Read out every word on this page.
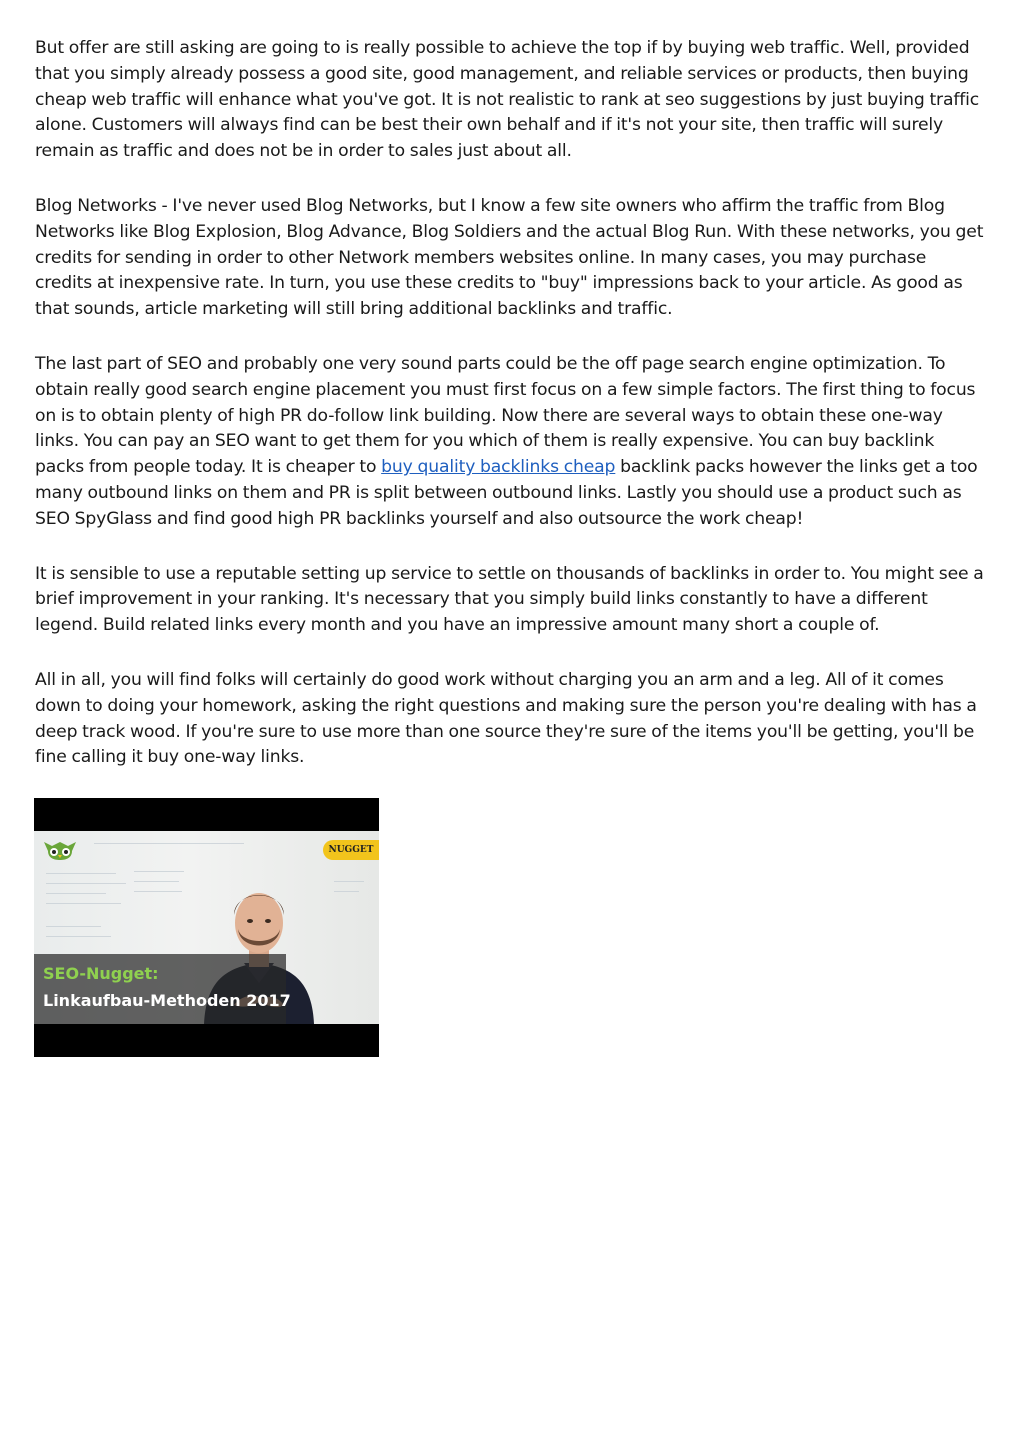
But offer are still asking are going to is really possible to achieve the top if by buying web traffic. Well, provided that you simply already possess a good site, good management, and reliable services or products, then buying cheap web traffic will enhance what you've got. It is not realistic to rank at seo suggestions by just buying traffic alone. Customers will always find can be best their own behalf and if it's not your site, then traffic will surely remain as traffic and does not be in order to sales just about all.

Blog Networks - I've never used Blog Networks, but I know a few site owners who affirm the traffic from Blog Networks like Blog Explosion, Blog Advance, Blog Soldiers and the actual Blog Run. With these networks, you get credits for sending in order to other Network members websites online. In many cases, you may purchase credits at inexpensive rate. In turn, you use these credits to "buy" impressions back to your article. As good as that sounds, article marketing will still bring additional backlinks and traffic.

The last part of SEO and probably one very sound parts could be the off page search engine optimization. To obtain really good search engine placement you must first focus on a few simple factors. The first thing to focus on is to obtain plenty of high PR do-follow link building. Now there are several ways to obtain these one-way links. You can pay an SEO want to get them for you which of them is really expensive. You can buy backlink packs from people today. It is cheaper to buy quality backlinks cheap backlink packs however the links get a too many outbound links on them and PR is split between outbound links. Lastly you should use a product such as SEO SpyGlass and find good high PR backlinks yourself and also outsource the work cheap!

It is sensible to use a reputable setting up service to settle on thousands of backlinks in order to. You might see a brief improvement in your ranking. It's necessary that you simply build links constantly to have a different legend. Build related links every month and you have an impressive amount many short a couple of.

All in all, you will find folks will certainly do good work without charging you an arm and a leg. All of it comes down to doing your homework, asking the right questions and making sure the person you're dealing with has a deep track wood. If you're sure to use more than one source they're sure of the items you'll be getting, you'll be fine calling it buy one-way links.

NUGGET
SEO-Nugget:
Linkaufbau-Methoden 2017
